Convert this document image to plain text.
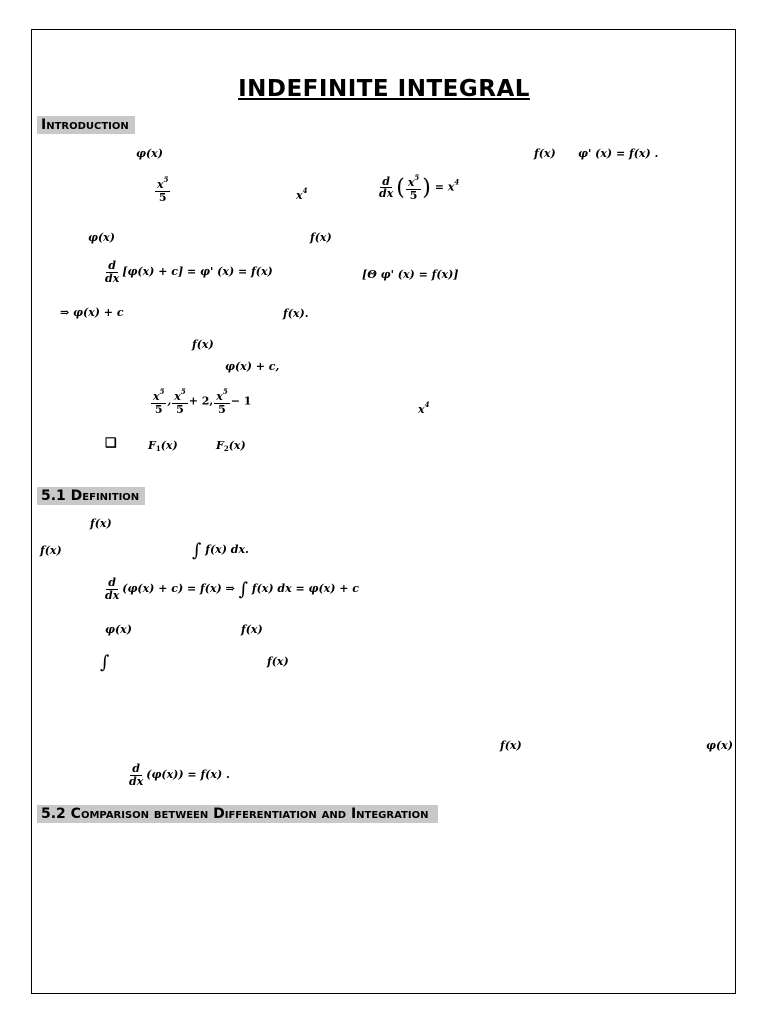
INDEFINITE INTEGRAL
Introduction
φ(x)	f(x) φ' (x) = f(x) .
$\frac{x^5}{5}$	$x^4$	$\frac{d}{dx}$ ( $\frac{x^5}{5}$ ) = $x^4$
φ(x)	f(x)
$\frac{d}{dx} [\varphi(x) + c] = \varphi'$ (x) = f(x)	[Θ φ' (x) = f(x)]
⇒ φ(x) + c	f(x).
f(x)
φ(x) + c,
$\frac{x^5}{5}$ , $\frac{x^5}{5} + 2$, $\frac{x^5}{5} - 1$
$x^4$
❑	$F_1(x)$	$F_2(x)$
5.1 Definition
f(x)
f(x)	∫ f(x) dx.
$\frac{d}{dx} (\varphi(x) + c) = f(x)$ ⇒ ∫ f(x) dx = φ(x) + c
φ(x)	f(x)
∫	f(x)
f(x)	φ(x)
$\frac{d}{dx} (\varphi(x)) = f(x)$ .
5.2 Comparison between Differentiation and Integration
